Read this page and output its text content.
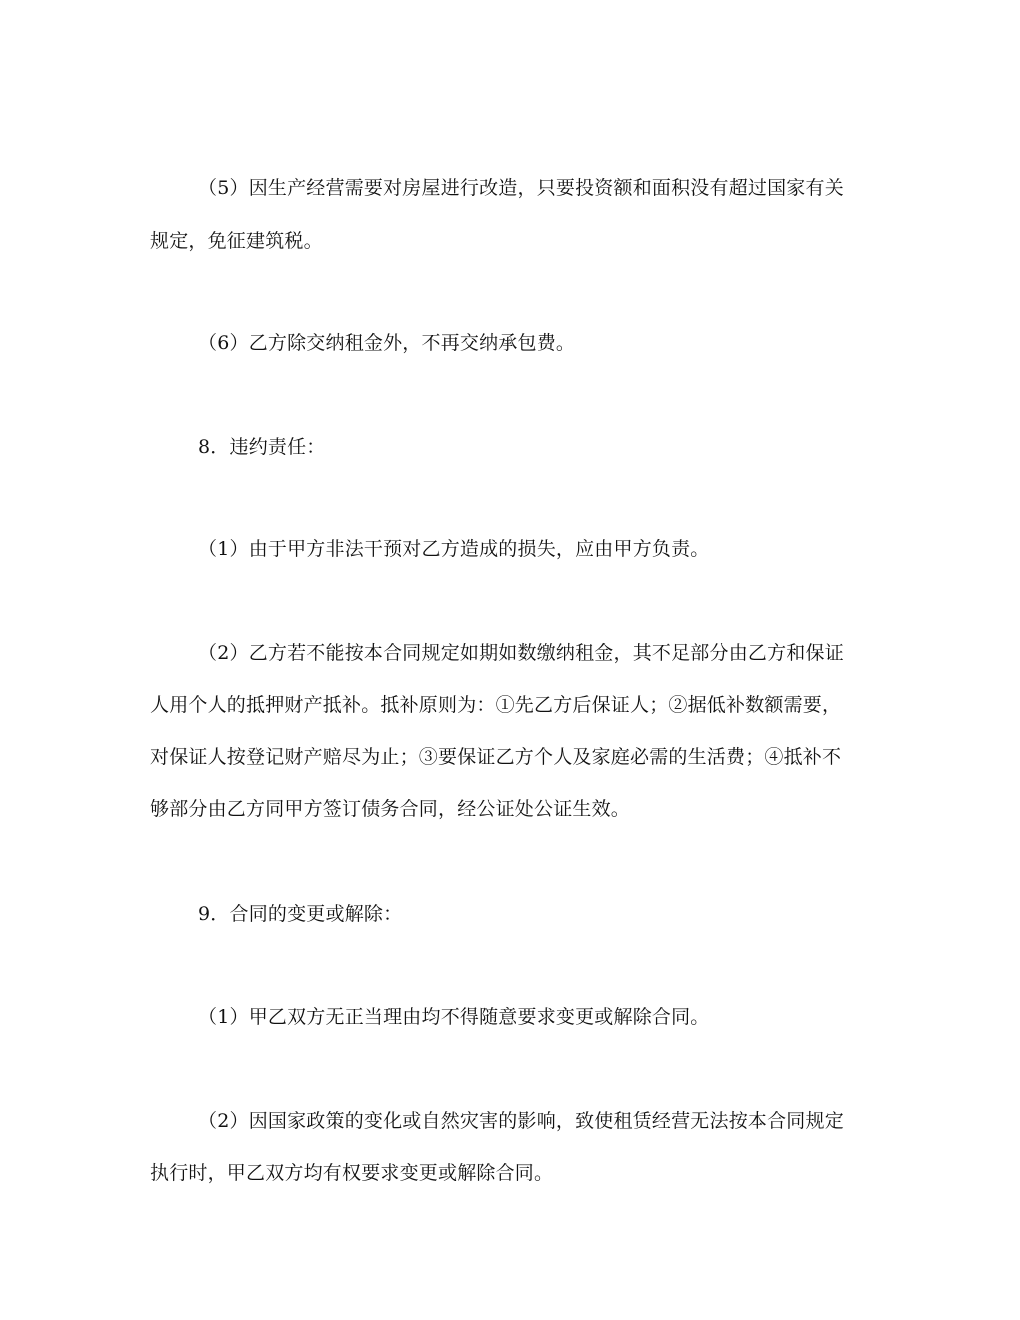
（5）因生产经营需要对房屋进行改造，只要投资额和面积没有超过国家有关
规定，免征建筑税。
（6）乙方除交纳租金外，不再交纳承包费。
8．违约责任：
（1）由于甲方非法干预对乙方造成的损失，应由甲方负责。
（2）乙方若不能按本合同规定如期如数缴纳租金，其不足部分由乙方和保证
人用个人的抵押财产抵补。抵补原则为：①先乙方后保证人；②据低补数额需要，
对保证人按登记财产赔尽为止；③要保证乙方个人及家庭必需的生活费；④抵补不
够部分由乙方同甲方签订债务合同，经公证处公证生效。
9．合同的变更或解除：
（1）甲乙双方无正当理由均不得随意要求变更或解除合同。
（2）因国家政策的变化或自然灾害的影响，致使租赁经营无法按本合同规定
执行时，甲乙双方均有权要求变更或解除合同。
